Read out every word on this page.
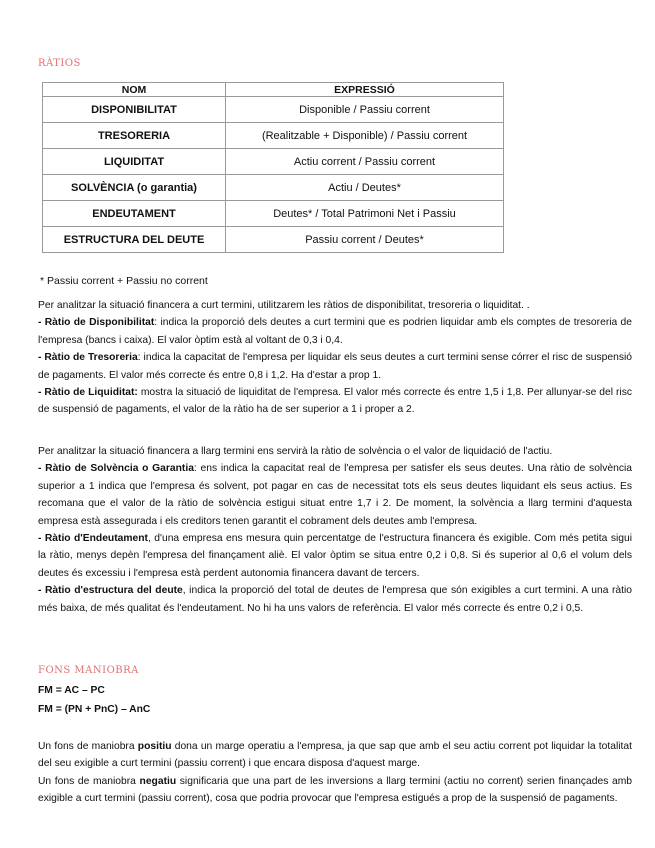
RÀTIOS
NOM	EXPRESSIÓ
DISPONIBILITAT	Disponible / Passiu corrent
TRESORERIA	(Realitzable + Disponible) / Passiu corrent
LIQUIDITAT	Actiu corrent / Passiu corrent
SOLVÈNCIA (o garantia)	Actiu / Deutes*
ENDEUTAMENT	Deutes* / Total Patrimoni Net i Passiu
ESTRUCTURA DEL DEUTE	Passiu corrent / Deutes*
* Passiu corrent + Passiu no corrent
Per analitzar la situació financera a curt termini, utilitzarem les ràtios de disponibilitat, tresoreria o liquiditat. .
- Ràtio de Disponibilitat: indica la proporció dels deutes a curt termini que es podrien liquidar amb els comptes de tresoreria de l'empresa (bancs i caixa). El valor òptim està al voltant de 0,3 i 0,4.
- Ràtio de Tresoreria: indica la capacitat de l'empresa per liquidar els seus deutes a curt termini sense córrer el risc de suspensió de pagaments. El valor més correcte és entre 0,8 i 1,2. Ha d'estar a prop 1.
- Ràtio de Liquiditat: mostra la situació de liquiditat de l'empresa. El valor més correcte és entre 1,5 i 1,8. Per allunyar-se del risc de suspensió de pagaments, el valor de la ràtio ha de ser superior a 1 i proper a 2.
Per analitzar la situació financera a llarg termini ens servirà la ràtio de solvència o el valor de liquidació de l'actiu.
- Ràtio de Solvència o Garantia: ens indica la capacitat real de l'empresa per satisfer els seus deutes. Una ràtio de solvència superior a 1 indica que l'empresa és solvent, pot pagar en cas de necessitat tots els seus deutes liquidant els seus actius. Es recomana que el valor de la ràtio de solvència estigui situat entre 1,7 i 2. De moment, la solvència a llarg termini d'aquesta empresa està assegurada i els creditors tenen garantit el cobrament dels deutes amb l'empresa.
- Ràtio d'Endeutament, d'una empresa ens mesura quin percentatge de l'estructura financera és exigible. Com més petita sigui la ràtio, menys depèn l'empresa del finançament aliè. El valor òptim se situa entre 0,2 i 0,8. Si és superior al 0,6 el volum dels deutes és excessiu i l'empresa està perdent autonomia financera davant de tercers.
- Ràtio d'estructura del deute, indica la proporció del total de deutes de l'empresa que són exigibles a curt termini. A una ràtio més baixa, de més qualitat és l'endeutament. No hi ha uns valors de referència. El valor més correcte és entre 0,2 i 0,5.
FONS MANIOBRA
FM = AC – PC
FM = (PN + PnC) – AnC
Un fons de maniobra positiu dona un marge operatiu a l'empresa, ja que sap que amb el seu actiu corrent pot liquidar la totalitat del seu exigible a curt termini (passiu corrent) i que encara disposa d'aquest marge.
Un fons de maniobra negatiu significaria que una part de les inversions a llarg termini (actiu no corrent) serien finançades amb exigible a curt termini (passiu corrent), cosa que podria provocar que l'empresa estigués a prop de la suspensió de pagaments.
